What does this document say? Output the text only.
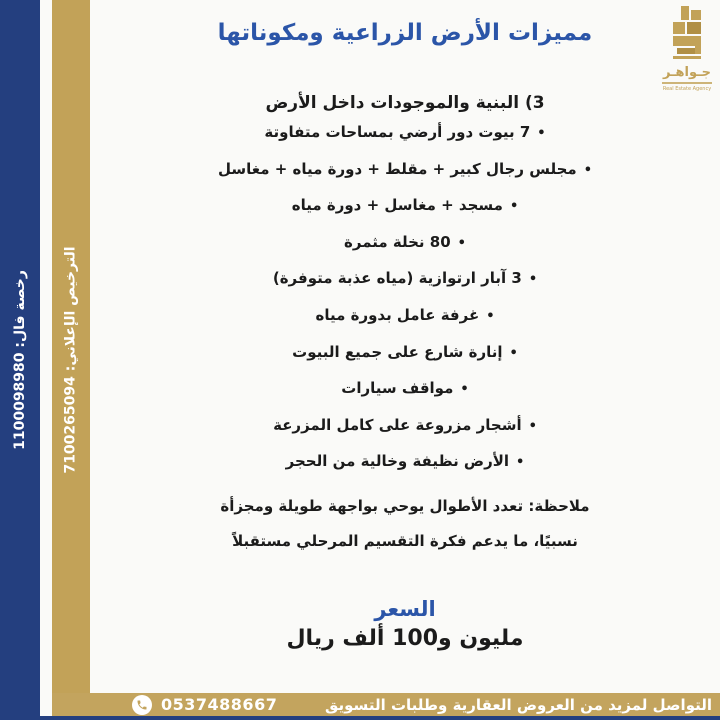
رخصة فال: 1100098980
الترخيص الإعلاني: 7100265094
جـواهـر
Real Estate Agency
مميزات الأرض الزراعية ومكوناتها
3) البنية والموجودات داخل الأرض
•7 بيوت دور أرضي بمساحات متفاوتة
•مجلس رجال كبير + مقلط + دورة مياه + مغاسل
•مسجد + مغاسل + دورة مياه
•80 نخلة مثمرة
•3 آبار ارتوازية (مياه عذبة متوفرة)
•غرفة عامل بدورة مياه
•إنارة شارع على جميع البيوت
•مواقف سيارات
•أشجار مزروعة على كامل المزرعة
•الأرض نظيفة وخالية من الحجر
ملاحظة: تعدد الأطوال يوحي بواجهة طويلة ومجزأة
نسبيًا، ما يدعم فكرة التقسيم المرحلي مستقبلاً
السعر
مليون و100 ألف ريال
التواصل لمزيد من العروض العقارية وطلبات التسويق
0537488667
